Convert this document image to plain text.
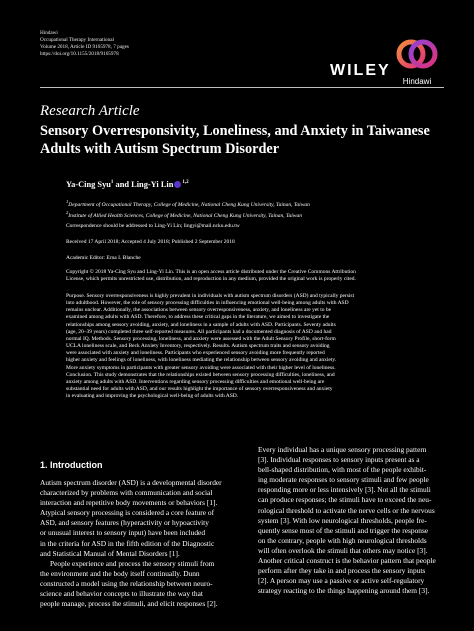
Hindawi
Occupational Therapy International
Volume 2018, Article ID 9165978, 7 pages
https://doi.org/10.1155/2018/9165978
WILEY
Hindawi
Research Article
Sensory Overresponsivity, Loneliness, and Anxiety in Taiwanese
Adults with Autism Spectrum Disorder
Ya-Cing Syu$^1$ and Ling-Yi Lin $^{1,2}$
$^1$Department of Occupational Therapy, College of Medicine, National Cheng Kung University, Tainan, Taiwan
$^2$Institute of Allied Health Sciences, College of Medicine, National Cheng Kung University, Tainan, Taiwan
Correspondence should be addressed to Ling-Yi Lin; lingyi@mail.ncku.edu.tw
Received 17 April 2018; Accepted 4 July 2018; Published 2 September 2018
Academic Editor: Erna I. Blanche
Copyright © 2018 Ya-Cing Syu and Ling-Yi Lin. This is an open access article distributed under the Creative Commons Attribution
License, which permits unrestricted use, distribution, and reproduction in any medium, provided the original work is properly cited.
Purpose. Sensory overresponsiveness is highly prevalent in individuals with autism spectrum disorders (ASD) and typically persist
into adulthood. However, the role of sensory processing difficulties in influencing emotional well-being among adults with ASD
remains unclear. Additionally, the associations between sensory overresponsiveness, anxiety, and loneliness are yet to be
examined among adults with ASD. Therefore, to address these critical gaps in the literature, we aimed to investigate the
relationships among sensory avoiding, anxiety, and loneliness in a sample of adults with ASD. Participants. Seventy adults
(age, 20–39 years) completed three self-reported measures. All participants had a documented diagnosis of ASD and had
normal IQ. Methods. Sensory processing, loneliness, and anxiety were assessed with the Adult Sensory Profile, short-form
UCLA loneliness scale, and Beck Anxiety Inventory, respectively. Results. Autism spectrum traits and sensory avoiding
were associated with anxiety and loneliness. Participants who experienced sensory avoiding more frequently reported
higher anxiety and feelings of loneliness, with loneliness mediating the relationship between sensory avoiding and anxiety.
More anxiety symptoms in participants with greater sensory avoiding were associated with their higher level of loneliness.
Conclusion. This study demonstrates that the relationships existed between sensory processing difficulties, loneliness, and
anxiety among adults with ASD. Interventions regarding sensory processing difficulties and emotional well-being are
substantial need for adults with ASD, and our results highlight the importance of sensory overresponsiveness and anxiety
in evaluating and improving the psychological well-being of adults with ASD.
1. Introduction
Autism spectrum disorder (ASD) is a developmental disorder
characterized by problems with communication and social
interaction and repetitive body movements or behaviors [1].
Atypical sensory processing is considered a core feature of
ASD, and sensory features (hyperactivity or hypoactivity
or unusual interest to sensory input) have been included
in the criteria for ASD in the fifth edition of the Diagnostic
and Statistical Manual of Mental Disorders [1].
People experience and process the sensory stimuli from
the environment and the body itself continually. Dunn
constructed a model using the relationship between neuro-
science and behavior concepts to illustrate the way that
people manage, process the stimuli, and elicit responses [2].
Every individual has a unique sensory processing pattern
[3]. Individual responses to sensory inputs present as a
bell-shaped distribution, with most of the people exhibit-
ing moderate responses to sensory stimuli and few people
responding more or less intensively [3]. Not all the stimuli
can produce responses; the stimuli have to exceed the neu-
rological threshold to activate the nerve cells or the nervous
system [3]. With low neurological thresholds, people fre-
quently sense most of the stimuli and trigger the response
on the contrary, people with high neurological thresholds
will often overlook the stimuli that others may notice [3].
Another critical construct is the behavior pattern that people
perform after they take in and process the sensory inputs
[2]. A person may use a passive or active self-regulatory
strategy reacting to the things happening around them [3].
